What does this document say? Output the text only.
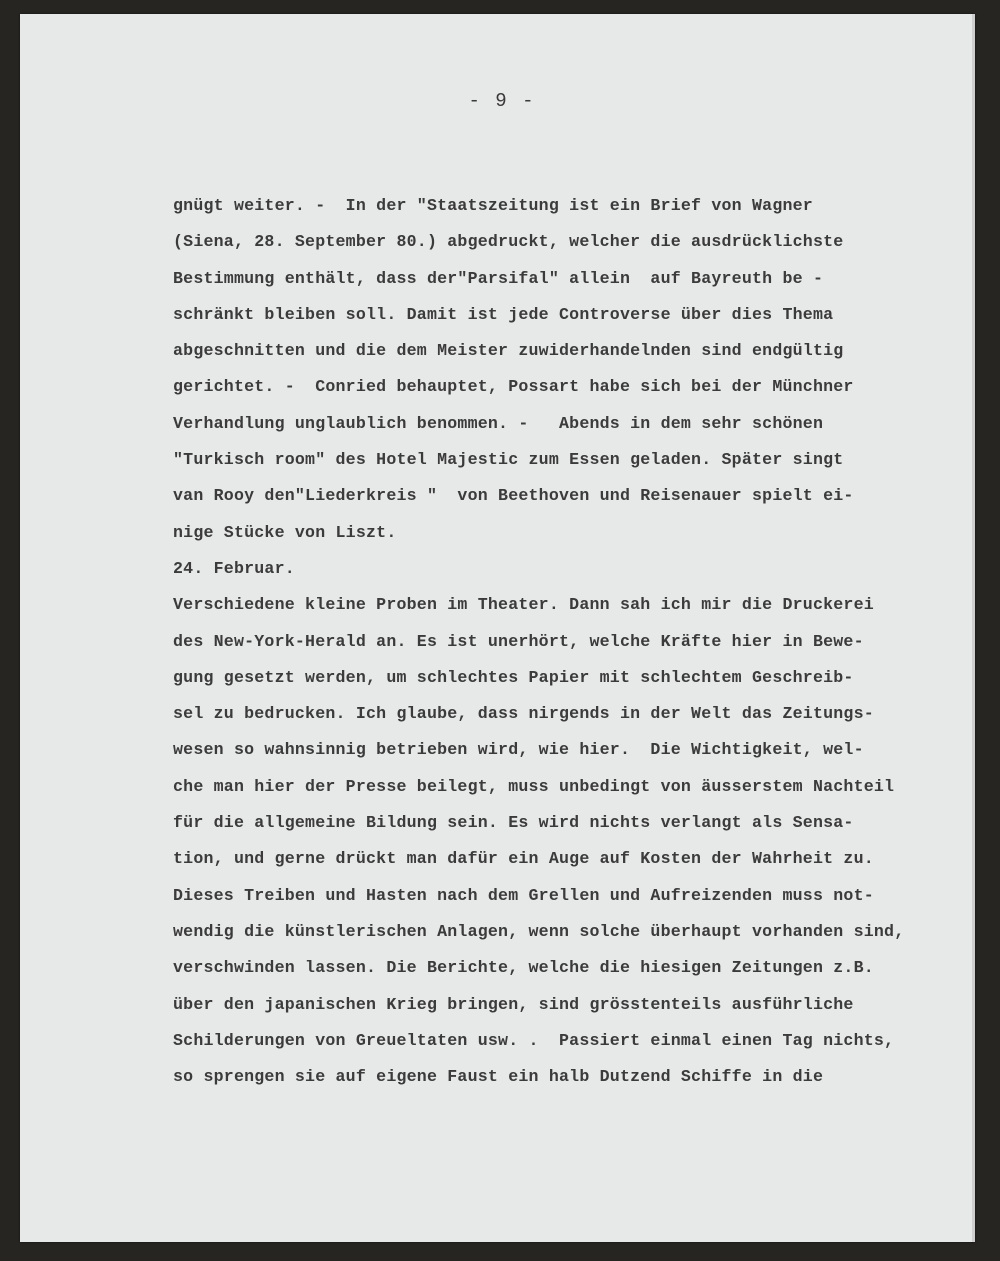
- 9 -
gnügt weiter. -  In der "Staatszeitung ist ein Brief von Wagner
(Siena, 28. September 80.) abgedruckt, welcher die ausdrücklichste
Bestimmung enthält, dass der"Parsifal" allein  auf Bayreuth be -
schränkt bleiben soll. Damit ist jede Controverse über dies Thema
abgeschnitten und die dem Meister zuwiderhandelnden sind endgültig
gerichtet. -  Conried behauptet, Possart habe sich bei der Münchner
Verhandlung unglaublich benommen. -   Abends in dem sehr schönen
"Turkisch room" des Hotel Majestic zum Essen geladen. Später singt
van Rooy den"Liederkreis "  von Beethoven und Reisenauer spielt ei-
nige Stücke von Liszt.
24. Februar.
Verschiedene kleine Proben im Theater. Dann sah ich mir die Druckerei
des New-York-Herald an. Es ist unerhört, welche Kräfte hier in Bewe-
gung gesetzt werden, um schlechtes Papier mit schlechtem Geschreib-
sel zu bedrucken. Ich glaube, dass nirgends in der Welt das Zeitungs-
wesen so wahnsinnig betrieben wird, wie hier.  Die Wichtigkeit, wel-
che man hier der Presse beilegt, muss unbedingt von äusserstem Nachteil
für die allgemeine Bildung sein. Es wird nichts verlangt als Sensa-
tion, und gerne drückt man dafür ein Auge auf Kosten der Wahrheit zu.
Dieses Treiben und Hasten nach dem Grellen und Aufreizenden muss not-
wendig die künstlerischen Anlagen, wenn solche überhaupt vorhanden sind,
verschwinden lassen. Die Berichte, welche die hiesigen Zeitungen z.B.
über den japanischen Krieg bringen, sind grösstenteils ausführliche
Schilderungen von Greueltaten usw. .  Passiert einmal einen Tag nichts,
so sprengen sie auf eigene Faust ein halb Dutzend Schiffe in die
